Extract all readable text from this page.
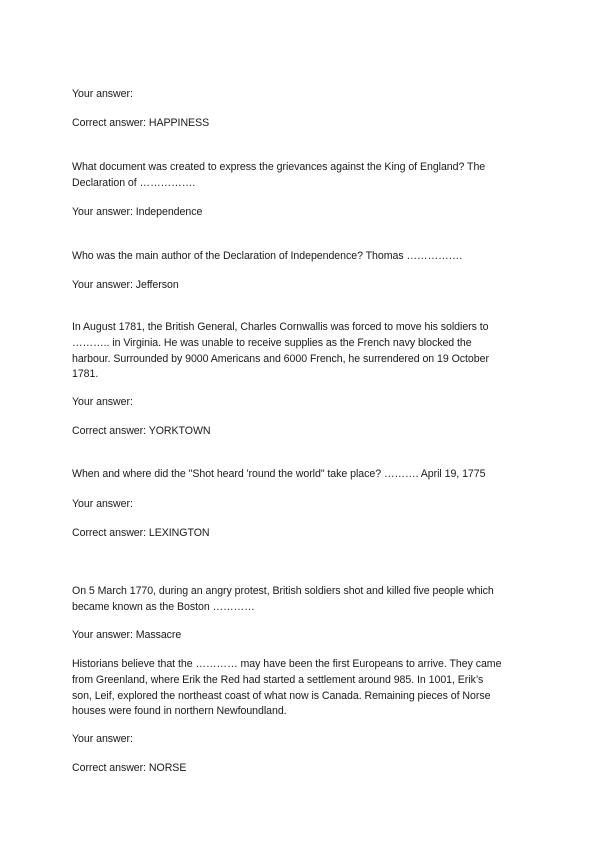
Your answer:
Correct answer: HAPPINESS
What document was created to express the grievances against the King of England? The
Declaration of …………….
Your answer: Independence
Who was the main author of the Declaration of Independence? Thomas …………….
Your answer: Jefferson
In August 1781, the British General, Charles Cornwallis was forced to move his soldiers to
……….. in Virginia. He was unable to receive supplies as the French navy blocked the
harbour. Surrounded by 9000 Americans and 6000 French, he surrendered on 19 October
1781.
Your answer:
Correct answer: YORKTOWN
When and where did the "Shot heard 'round the world" take place? ………. April 19, 1775
Your answer:
Correct answer: LEXINGTON
On 5 March 1770, during an angry protest, British soldiers shot and killed five people which
became known as the Boston …………
Your answer: Massacre
Historians believe that the ………… may have been the first Europeans to arrive. They came
from Greenland, where Erik the Red had started a settlement around 985. In 1001, Erik’s
son, Leif, explored the northeast coast of what now is Canada. Remaining pieces of Norse
houses were found in northern Newfoundland.
Your answer:
Correct answer: NORSE
